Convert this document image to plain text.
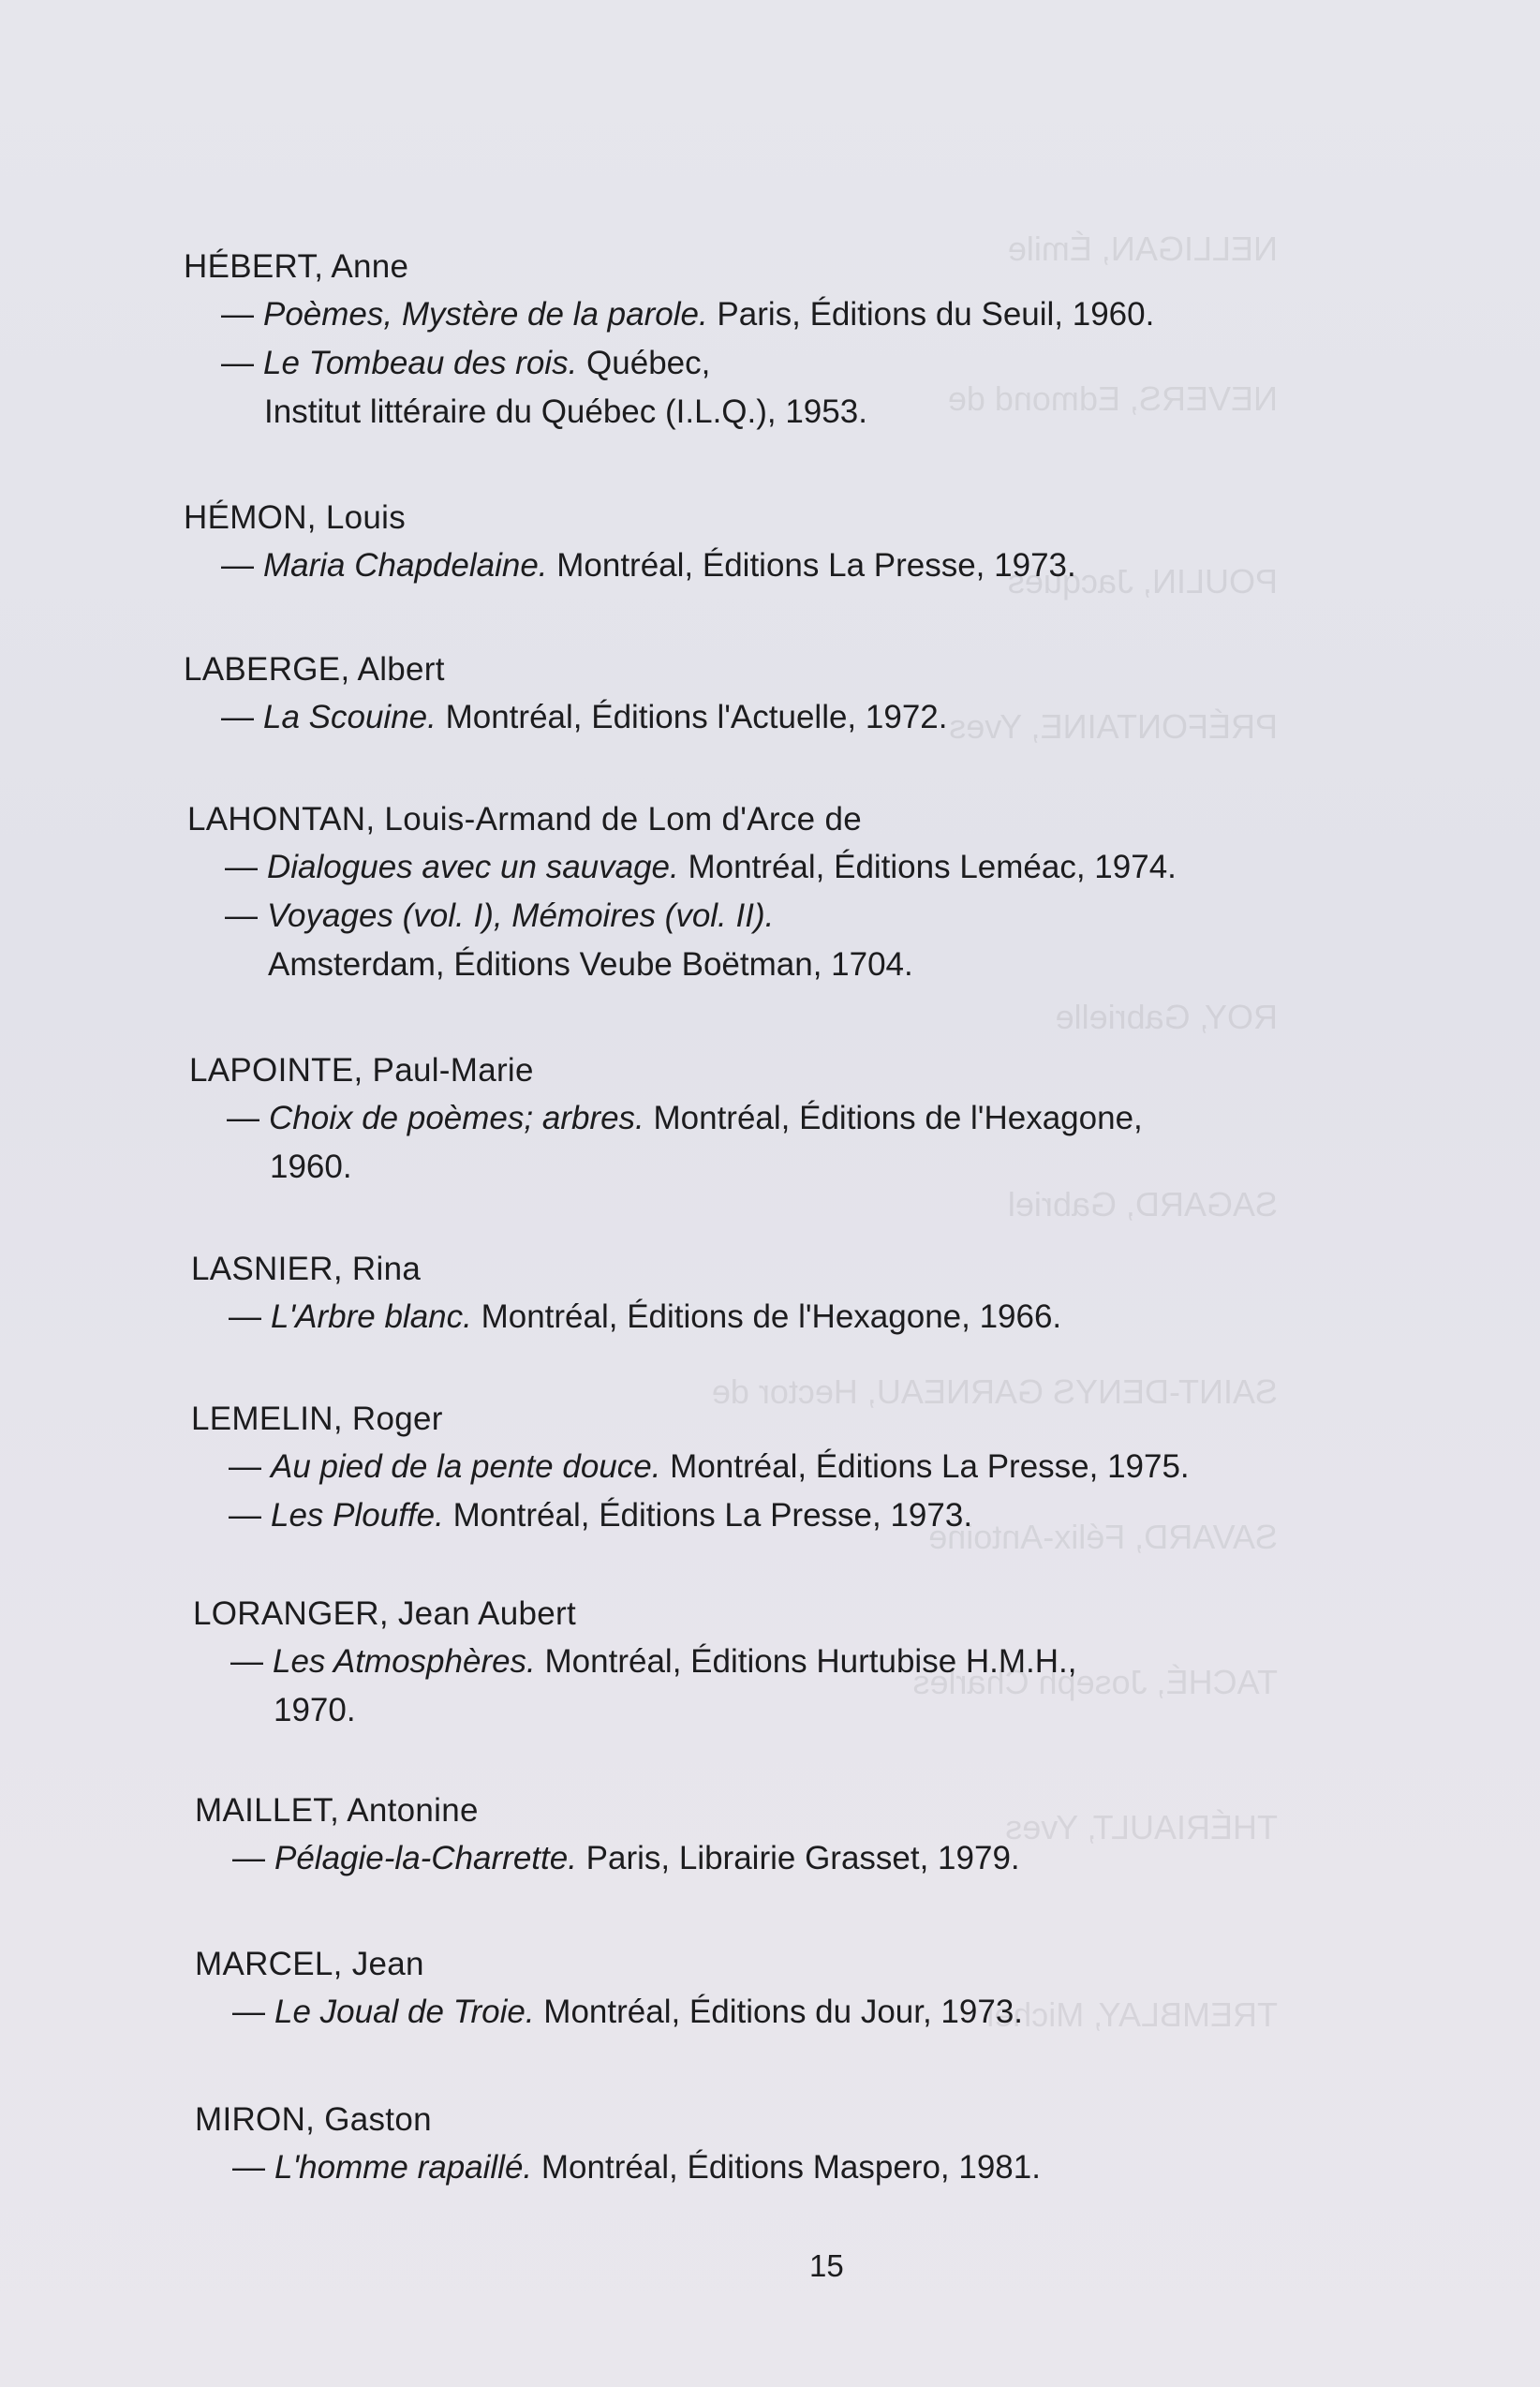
NELLIGAN, Émile
NEVERS, Edmond de
POULIN, Jacques
PRÉFONTAINE, Yves
ROY, Gabrielle
SAGARD, Gabriel
SAINT-DENYS GARNEAU, Hector de
SAVARD, Félix-Antoine
TACHÉ, Joseph Charles
THÉRIAULT, Yves
TREMBLAY, Michel
HÉBERT, Anne
— Poèmes, Mystère de la parole. Paris, Éditions du Seuil, 1960.
— Le Tombeau des rois. Québec,
Institut littéraire du Québec (I.L.Q.), 1953.
HÉMON, Louis
— Maria Chapdelaine. Montréal, Éditions La Presse, 1973.
LABERGE, Albert
— La Scouine. Montréal, Éditions l'Actuelle, 1972.
LAHONTAN, Louis-Armand de Lom d'Arce de
— Dialogues avec un sauvage. Montréal, Éditions Leméac, 1974.
— Voyages (vol. I), Mémoires (vol. II).
Amsterdam, Éditions Veube Boëtman, 1704.
LAPOINTE, Paul-Marie
— Choix de poèmes; arbres. Montréal, Éditions de l'Hexagone,
1960.
LASNIER, Rina
— L'Arbre blanc. Montréal, Éditions de l'Hexagone, 1966.
LEMELIN, Roger
— Au pied de la pente douce. Montréal, Éditions La Presse, 1975.
— Les Plouffe. Montréal, Éditions La Presse, 1973.
LORANGER, Jean Aubert
— Les Atmosphères. Montréal, Éditions Hurtubise H.M.H.,
1970.
MAILLET, Antonine
— Pélagie-la-Charrette. Paris, Librairie Grasset, 1979.
MARCEL, Jean
— Le Joual de Troie. Montréal, Éditions du Jour, 1973.
MIRON, Gaston
— L'homme rapaillé. Montréal, Éditions Maspero, 1981.
15
